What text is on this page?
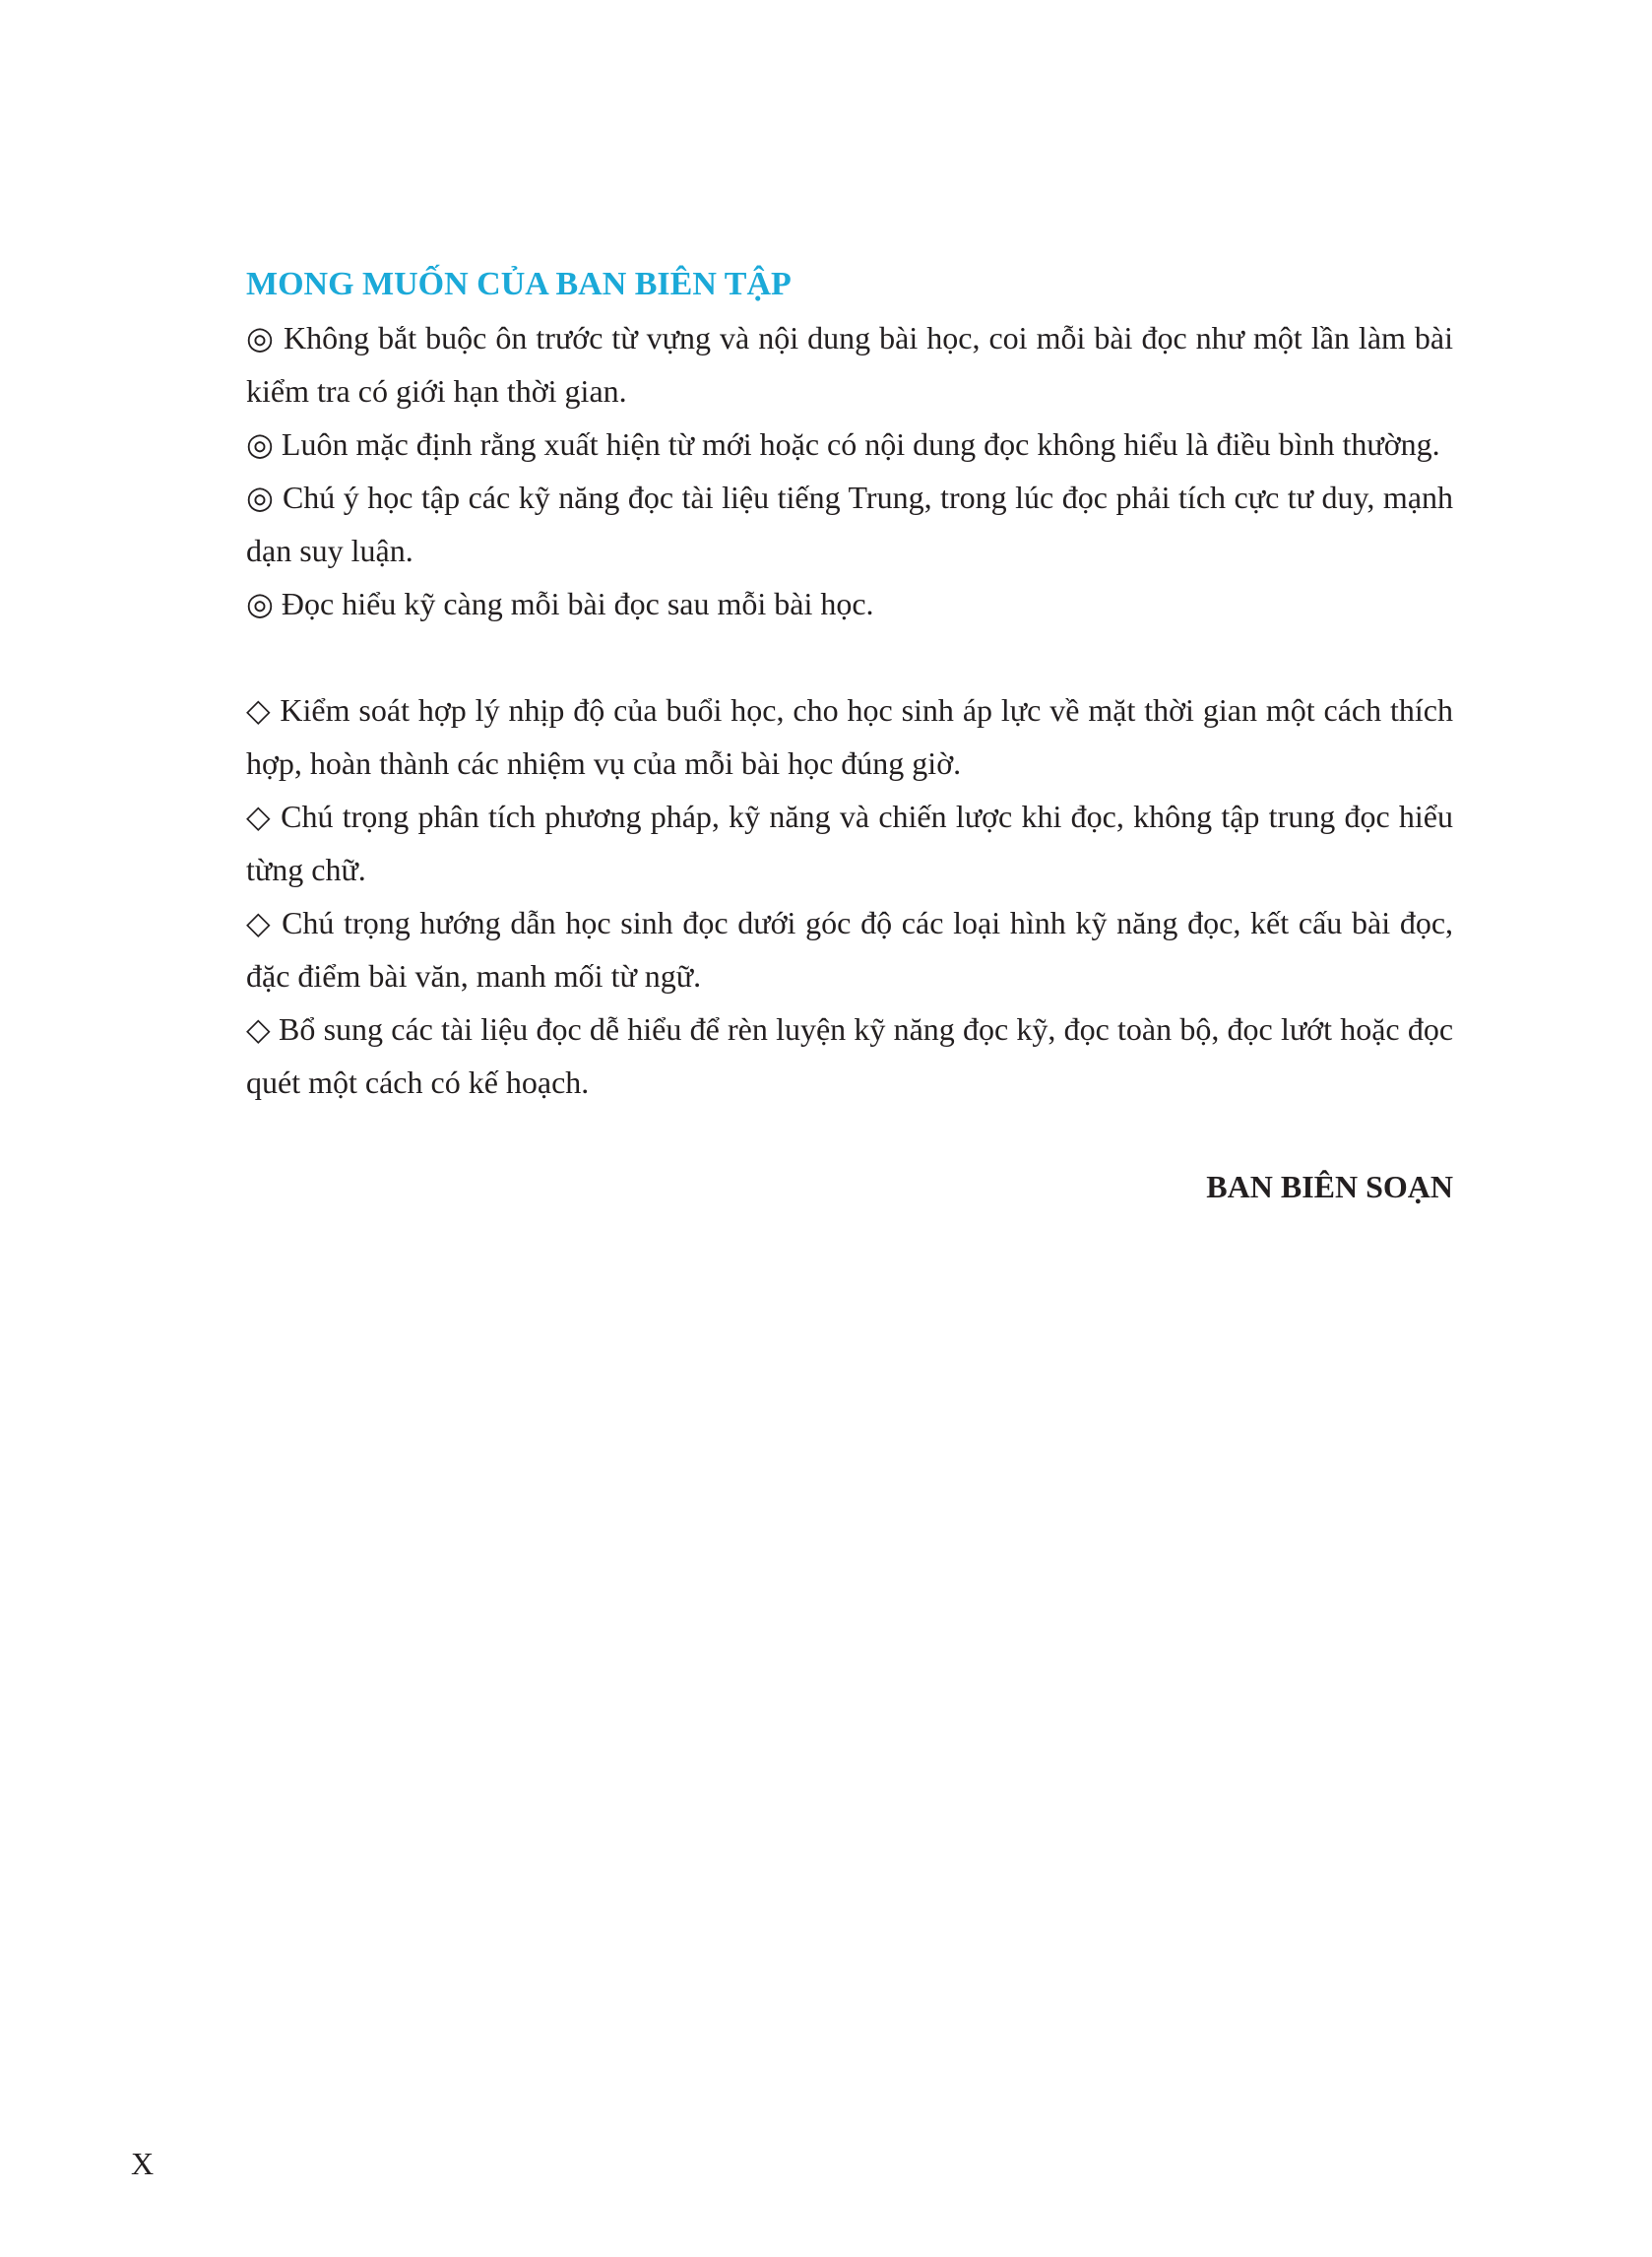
MONG MUỐN CỦA BAN BIÊN TẬP

◎ Không bắt buộc ôn trước từ vựng và nội dung bài học, coi mỗi bài đọc như một lần làm bài kiểm tra có giới hạn thời gian.

◎ Luôn mặc định rằng xuất hiện từ mới hoặc có nội dung đọc không hiểu là điều bình thường.

◎ Chú ý học tập các kỹ năng đọc tài liệu tiếng Trung, trong lúc đọc phải tích cực tư duy, mạnh dạn suy luận.

◎ Đọc hiểu kỹ càng mỗi bài đọc sau mỗi bài học.

◇ Kiểm soát hợp lý nhịp độ của buổi học, cho học sinh áp lực về mặt thời gian một cách thích hợp, hoàn thành các nhiệm vụ của mỗi bài học đúng giờ.

◇ Chú trọng phân tích phương pháp, kỹ năng và chiến lược khi đọc, không tập trung đọc hiểu từng chữ.

◇ Chú trọng hướng dẫn học sinh đọc dưới góc độ các loại hình kỹ năng đọc, kết cấu bài đọc, đặc điểm bài văn, manh mối từ ngữ.

◇ Bổ sung các tài liệu đọc dễ hiểu để rèn luyện kỹ năng đọc kỹ, đọc toàn bộ, đọc lướt hoặc đọc quét một cách có kế hoạch.

BAN BIÊN SOẠN
X
